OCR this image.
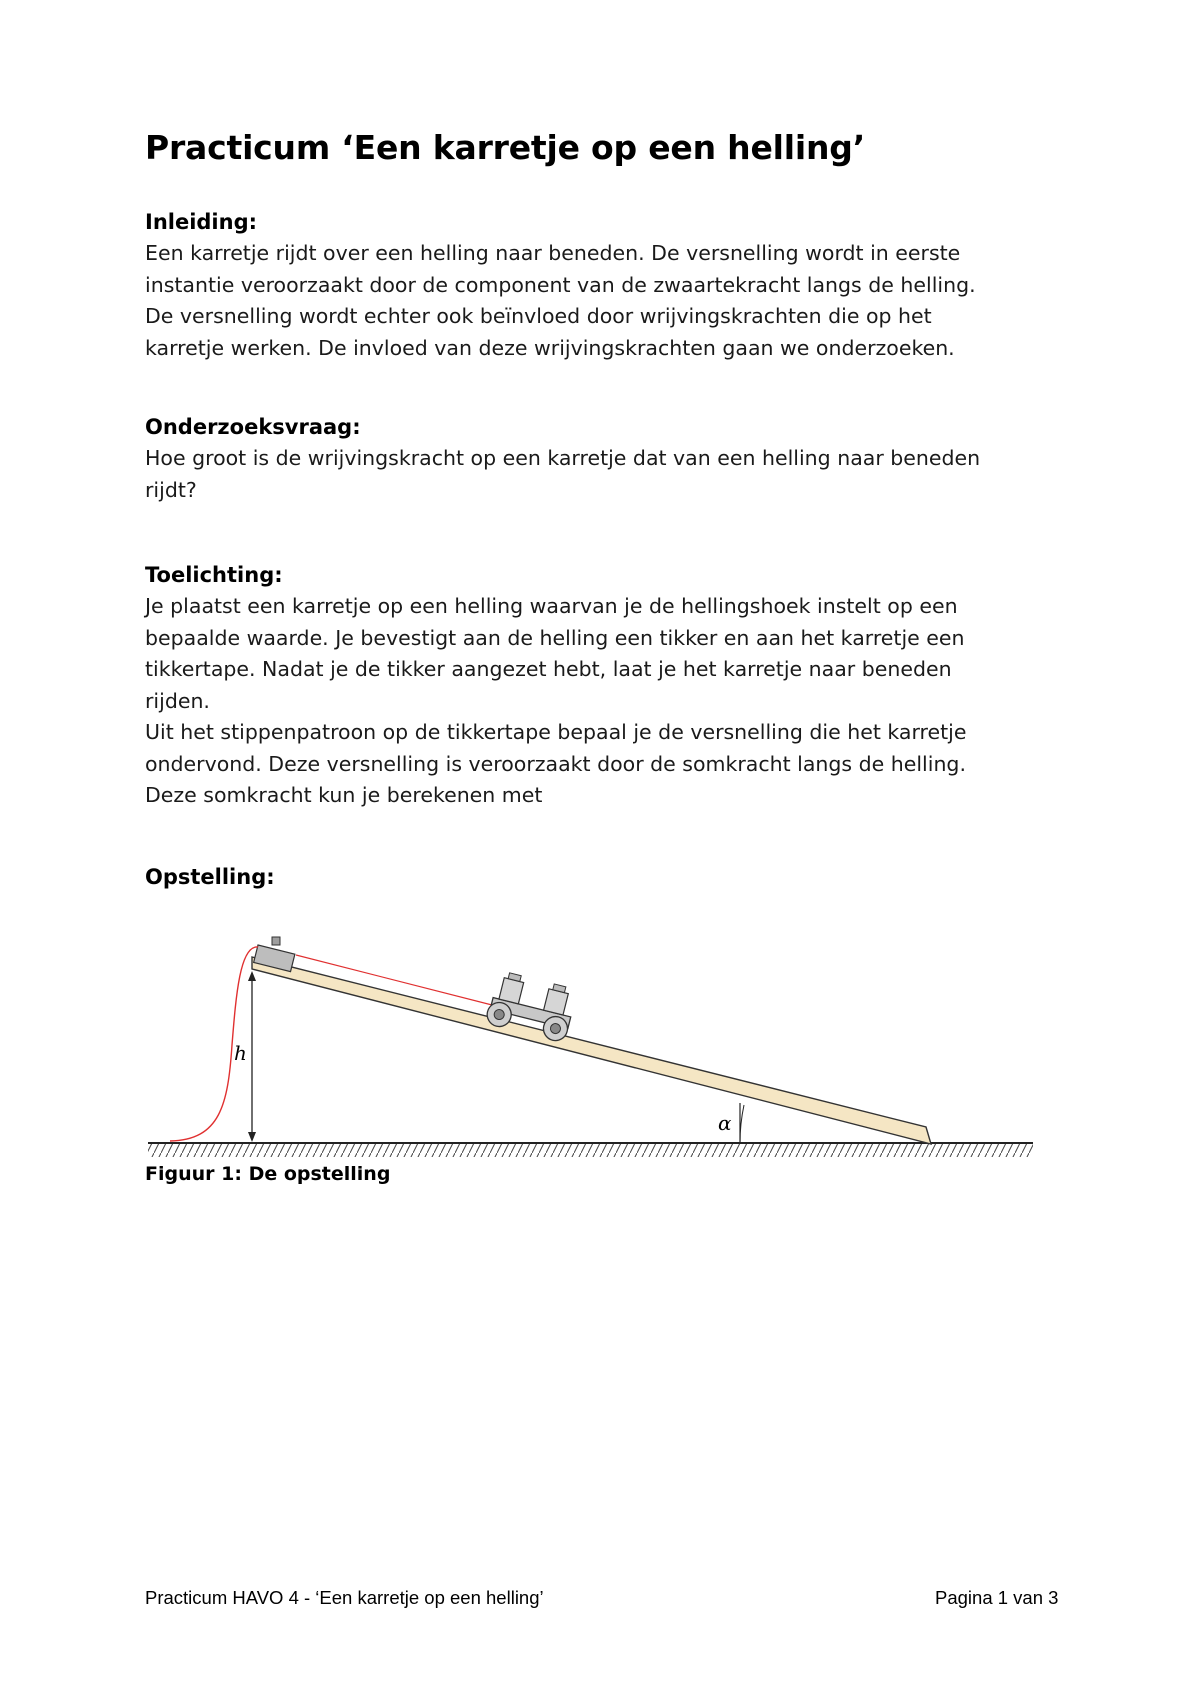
Practicum ‘Een karretje op een helling’
Inleiding:

Een karretje rijdt over een helling naar beneden. De versnelling wordt in eerste
instantie veroorzaakt door de component van de zwaartekracht langs de helling.
De versnelling wordt echter ook beïnvloed door wrijvingskrachten die op het
karretje werken. De invloed van deze wrijvingskrachten gaan we onderzoeken.

Onderzoeksvraag:

Hoe groot is de wrijvingskracht op een karretje dat van een helling naar beneden
rijdt?

Toelichting:

Je plaatst een karretje op een helling waarvan je de hellingshoek instelt op een
bepaalde waarde. Je bevestigt aan de helling een tikker en aan het karretje een
tikkertape. Nadat je de tikker aangezet hebt, laat je het karretje naar beneden
rijden.
Uit het stippenpatroon op de tikkertape bepaal je de versnelling die het karretje
ondervond. Deze versnelling is veroorzaakt door de somkracht langs de helling.
Deze somkracht kun je berekenen met

Opstelling:
h
α

Figuur 1: De opstelling

Practicum HAVO 4 - ‘Een karretje op een helling’	Pagina 1 van 3
